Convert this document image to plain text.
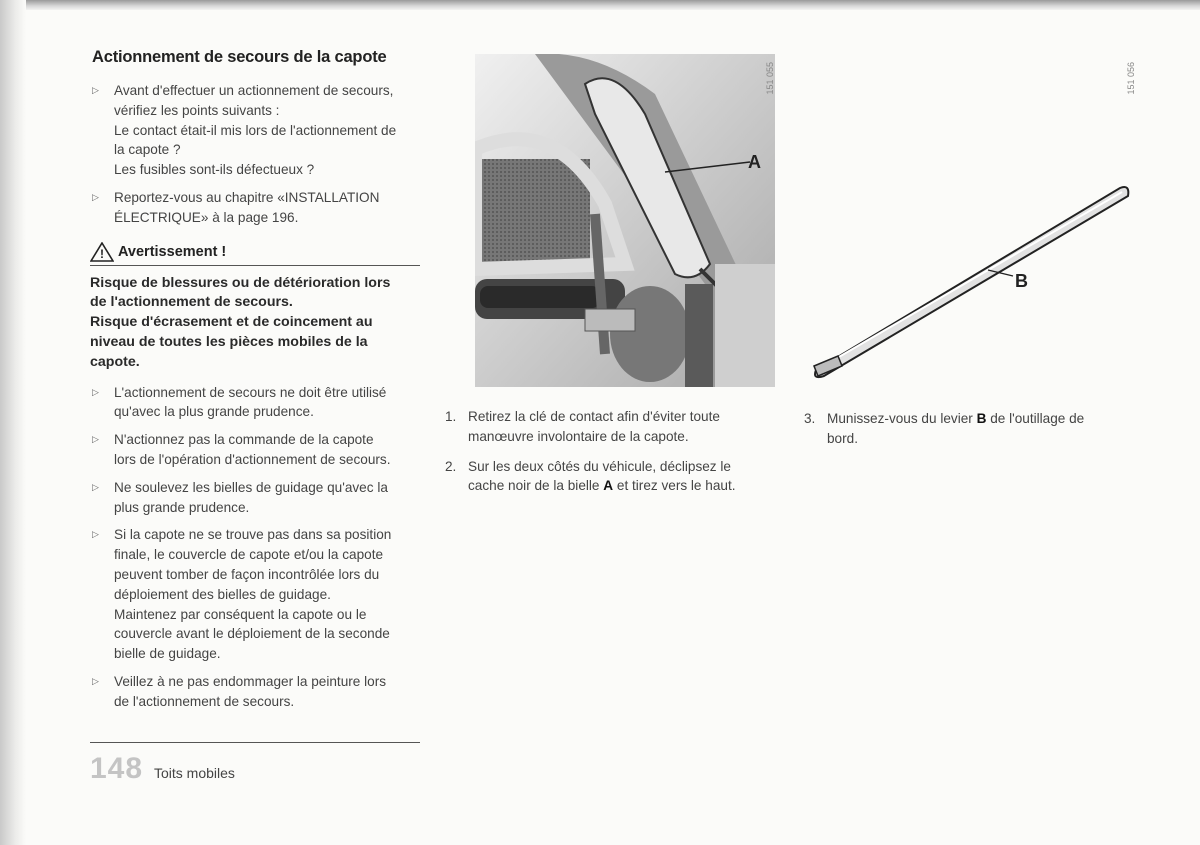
Actionnement de secours de la capote
▷ Avant d'effectuer un actionnement de secours,
vérifiez les points suivants :
Le contact était-il mis lors de l'actionnement de
la capote ?
Les fusibles sont-ils défectueux ?
▷ Reportez-vous au chapitre «INSTALLATION
ÉLECTRIQUE» à la page 196.
! Avertissement !
Risque de blessures ou de détérioration lors
de l'actionnement de secours.
Risque d'écrasement et de coincement au
niveau de toutes les pièces mobiles de la
capote.
▷ L'actionnement de secours ne doit être utilisé
qu'avec la plus grande prudence.
▷ N'actionnez pas la commande de la capote
lors de l'opération d'actionnement de secours.
▷ Ne soulevez les bielles de guidage qu'avec la
plus grande prudence.
▷ Si la capote ne se trouve pas dans sa position
finale, le couvercle de capote et/ou la capote
peuvent tomber de façon incontrôlée lors du
déploiement des bielles de guidage.
Maintenez par conséquent la capote ou le
couvercle avant le déploiement de la seconde
bielle de guidage.
▷ Veillez à ne pas endommager la peinture lors
de l'actionnement de secours.
148 Toits mobiles
151 055
A
151 056
B
1. Retirez la clé de contact afin d'éviter toute
manœuvre involontaire de la capote.
2. Sur les deux côtés du véhicule, déclipsez le
cache noir de la bielle A et tirez vers le haut.
3. Munissez-vous du levier B de l'outillage de
bord.
